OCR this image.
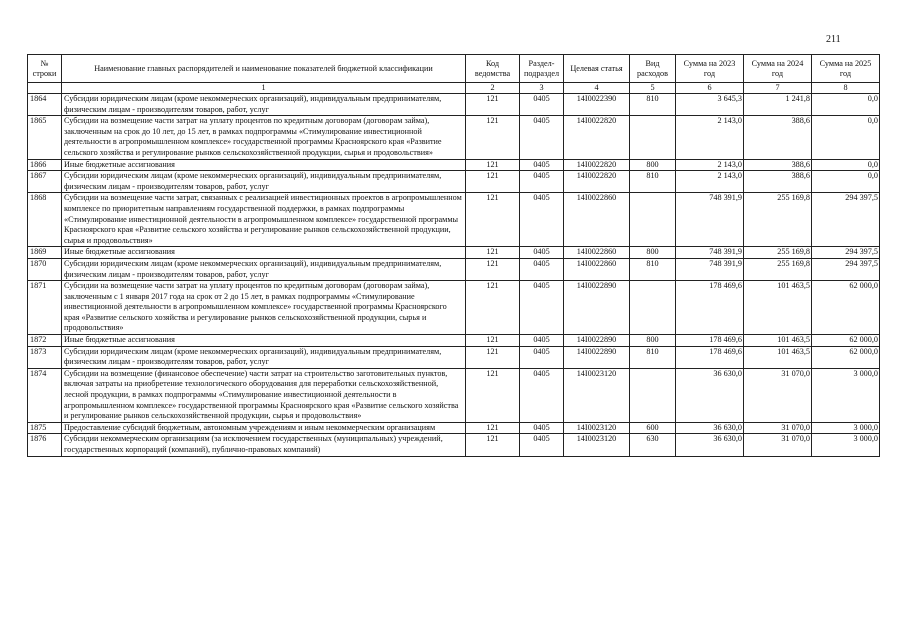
211
№ строки	Наименование главных распорядителей и наименование показателей бюджетной классификации	Код ведомства	Раздел-подраздел	Целевая статья	Вид расходов	Сумма на 2023 год	Сумма на 2024 год	Сумма на 2025 год
	1	2	3	4	5	6	7	8
1864	Субсидии юридическим лицам (кроме некоммерческих организаций), индивидуальным предпринимателям, физическим лицам - производителям товаров, работ, услуг	121	0405	14I0022390	810	3 645,3	1 241,8	0,0
1865	Субсидии на возмещение части затрат на уплату процентов по кредитным договорам (договорам займа), заключенным на срок до 10 лет, до 15 лет, в рамках подпрограммы «Стимулирование инвестиционной деятельности в агропромышленном комплексе» государственной программы Красноярского края «Развитие сельского хозяйства и регулирование рынков сельскохозяйственной продукции, сырья и продовольствия»	121	0405	14I0022820		2 143,0	388,6	0,0
1866	Иные бюджетные ассигнования	121	0405	14I0022820	800	2 143,0	388,6	0,0
1867	Субсидии юридическим лицам (кроме некоммерческих организаций), индивидуальным предпринимателям, физическим лицам - производителям товаров, работ, услуг	121	0405	14I0022820	810	2 143,0	388,6	0,0
1868	Субсидии на возмещение части затрат, связанных с реализацией инвестиционных проектов в агропромышленном комплексе по приоритетным направлениям государственной поддержки, в рамках подпрограммы «Стимулирование инвестиционной деятельности в агропромышленном комплексе» государственной программы Красноярского края «Развитие сельского хозяйства и регулирование рынков сельскохозяйственной продукции, сырья и продовольствия»	121	0405	14I0022860		748 391,9	255 169,8	294 397,5
1869	Иные бюджетные ассигнования	121	0405	14I0022860	800	748 391,9	255 169,8	294 397,5
1870	Субсидии юридическим лицам (кроме некоммерческих организаций), индивидуальным предпринимателям, физическим лицам - производителям товаров, работ, услуг	121	0405	14I0022860	810	748 391,9	255 169,8	294 397,5
1871	Субсидии на возмещение части затрат на уплату процентов по кредитным договорам (договорам займа), заключенным с 1 января 2017 года на срок от 2 до 15 лет, в рамках подпрограммы «Стимулирование инвестиционной деятельности в агропромышленном комплексе» государственной программы Красноярского края «Развитие сельского хозяйства и регулирование рынков сельскохозяйственной продукции, сырья и продовольствия»	121	0405	14I0022890		178 469,6	101 463,5	62 000,0
1872	Иные бюджетные ассигнования	121	0405	14I0022890	800	178 469,6	101 463,5	62 000,0
1873	Субсидии юридическим лицам (кроме некоммерческих организаций), индивидуальным предпринимателям, физическим лицам - производителям товаров, работ, услуг	121	0405	14I0022890	810	178 469,6	101 463,5	62 000,0
1874	Субсидии на возмещение (финансовое обеспечение) части затрат на строительство заготовительных пунктов, включая затраты на приобретение технологического оборудования для переработки сельскохозяйственной, лесной продукции, в рамках подпрограммы «Стимулирование инвестиционной деятельности в агропромышленном комплексе» государственной программы Красноярского края «Развитие сельского хозяйства и регулирование рынков сельскохозяйственной продукции, сырья и продовольствия»	121	0405	14I0023120		36 630,0	31 070,0	3 000,0
1875	Предоставление субсидий бюджетным, автономным учреждениям и иным некоммерческим организациям	121	0405	14I0023120	600	36 630,0	31 070,0	3 000,0
1876	Субсидии некоммерческим организациям (за исключением государственных (муниципальных) учреждений, государственных корпораций (компаний), публично-правовых компаний)	121	0405	14I0023120	630	36 630,0	31 070,0	3 000,0
